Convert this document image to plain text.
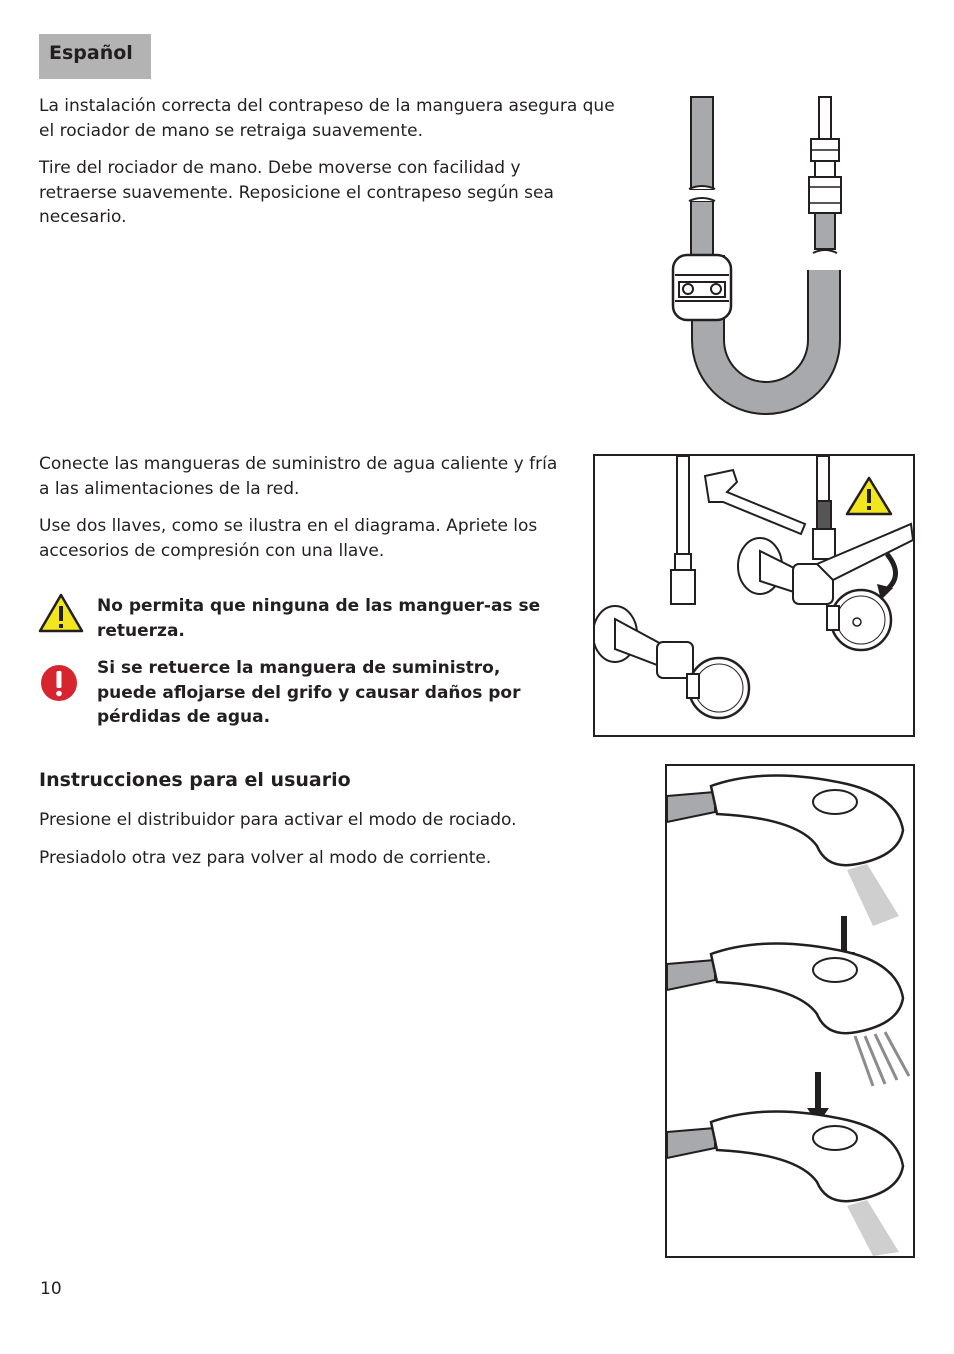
Español

La instalación correcta del contrapeso de la manguera asegura que el rociador de mano se retraiga suavemente.

Tire del rociador de mano. Debe moverse con facilidad y retraerse suavemente. Reposicione el contrapeso según sea necesario.

Conecte las mangueras de suministro de agua caliente y fría a las alimentaciones de la red.

Use dos llaves, como se ilustra en el diagrama. Apriete los accesorios de compresión con una llave.

No permita que ninguna de las manguer-as se retuerza.

Si se retuerce la manguera de suministro, puede aflojarse del grifo y causar daños por pérdidas de agua.

Instrucciones para el usuario

Presione el distribuidor para activar el modo de rociado.

Presiadolo otra vez para volver al modo de corriente.

10
